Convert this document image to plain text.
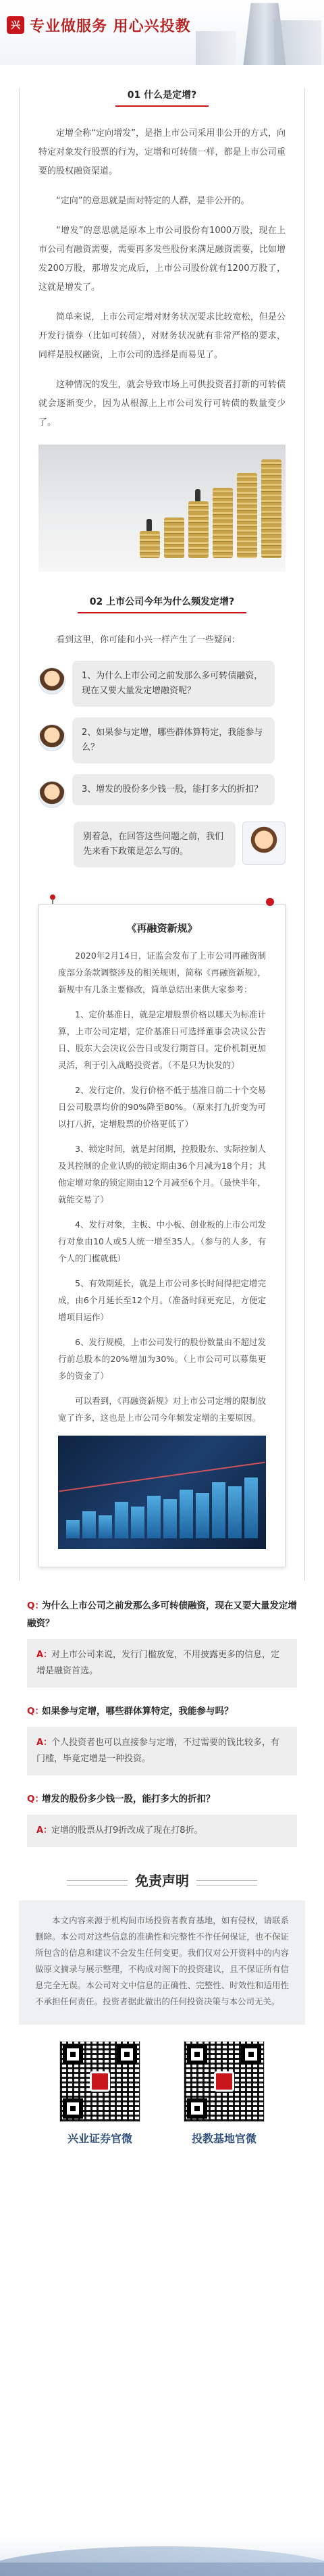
兴 专业做服务 用心兴投教
01 什么是定增?

定增全称“定向增发”，是指上市公司采用非公开的方式，向特定对象发行股票的行为，定增和可转债一样，都是上市公司重要的股权融资渠道。

“定向”的意思就是面对特定的人群，是非公开的。

“增发”的意思就是原本上市公司股份有1000万股，现在上市公司有融资需要，需要再多发些股份来满足融资需要，比如增发200万股，那增发完成后，上市公司股份就有1200万股了，这就是增发了。

简单来说，上市公司定增对财务状况要求比较宽松，但是公开发行债券（比如可转债），对财务状况就有非常严格的要求，同样是股权融资，上市公司的选择是而易见了。

这种情况的发生，就会导致市场上可供投资者打新的可转债就会逐渐变少，因为从根源上上市公司发行可转债的数量变少了。

02 上市公司今年为什么频发定增?

看到这里，你可能和小兴一样产生了一些疑问：

1、为什么上市公司之前发那么多可转债融资，现在又要大量发定增融资呢？
2、如果参与定增，哪些群体算特定，我能参与么？
3、增发的股份多少钱一股，能打多大的折扣？
别着急，在回答这些问题之前，我们先来看下政策是怎么写的。
《再融资新规》

2020年2月14日，证监会发布了上市公司再融资制度部分条款调整涉及的相关规则，简称《再融资新规》，新规中有几条主要修改，简单总结出来供大家参考：

1、定价基准日，就是定增股票价格以哪天为标准计算，上市公司定增，定价基准日可选择董事会决议公告日、股东大会决议公告日或发行期首日。定价机制更加灵活，利于引入战略投资者。（不是只为快发的）

2、发行定价，发行价格不低于基准日前二十个交易日公司股票均价的90%降至80%。（原来打九折变为可以打八折，定增股票的价格更低了）

3、锁定时间，就是封闭期，控股股东、实际控制人及其控制的企业认购的锁定期由36个月减为18个月；其他定增对象的锁定期由12个月减至6个月。（最快半年，就能交易了）

4、发行对象，主板、中小板、创业板的上市公司发行对象由10人或5人统一增至35人。（参与的人多，有个人的门槛就低）

5、有效期延长，就是上市公司多长时间得把定增完成，由6个月延长至12个月。（准备时间更充足，方便定增项目运作）

6、发行规模，上市公司发行的股份数量由不超过发行前总股本的20%增加为30%。（上市公司可以募集更多的资金了）

可以看到，《再融资新规》对上市公司定增的限制放宽了许多，这也是上市公司今年频发定增的主要原因。

Q：为什么上市公司之前发那么多可转债融资，现在又要大量发定增融资？
A：对上市公司来说，发行门槛放宽，不用披露更多的信息，定增是融资首选。
Q：如果参与定增，哪些群体算特定，我能参与吗？
A：个人投资者也可以直接参与定增，不过需要的钱比较多，有门槛，毕竟定增是一种投资。
Q：增发的股份多少钱一股，能打多大的折扣？
A：定增的股票从打9折改成了现在打8折。
免责声明
本文内容来源于机构间市场投资者教育基地，如有侵权，请联系删除。本公司对这些信息的准确性和完整性不作任何保证，也不保证所包含的信息和建议不会发生任何变更。我们仅对公开资料中的内容做原文摘录与展示整理，不构成对阁下的投资建议，且不保证所有信息完全无误。本公司对文中信息的正确性、完整性、时效性和适用性不承担任何责任。投资者据此做出的任何投资决策与本公司无关。
兴业证券官微	投教基地官微
